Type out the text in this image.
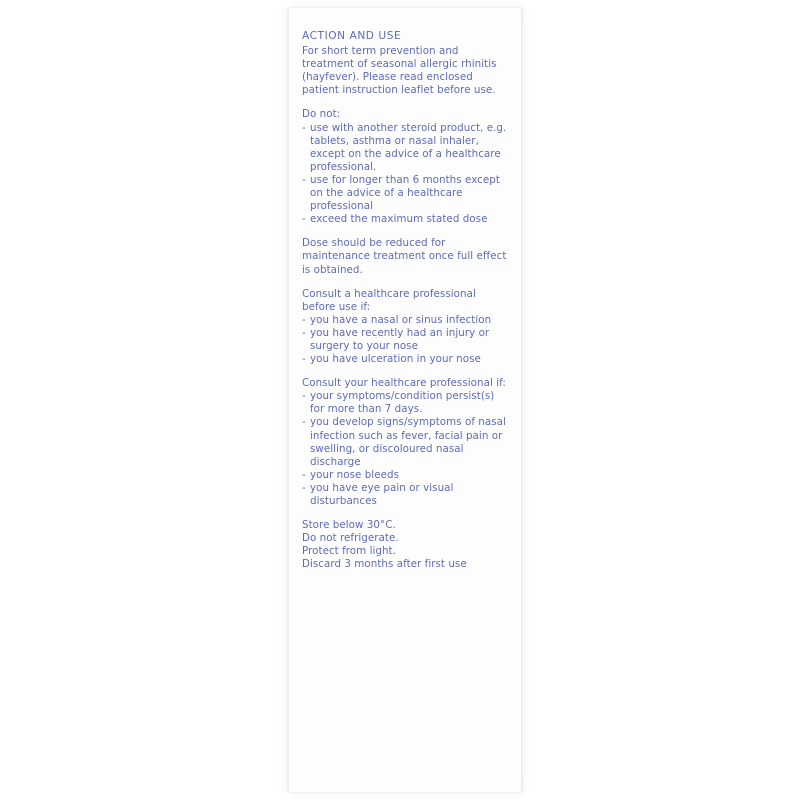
ACTION AND USE

For short term prevention and treatment of seasonal allergic rhinitis (hayfever). Please read enclosed patient instruction leaflet before use.

Do not:
- use with another steroid product, e.g. tablets, asthma or nasal inhaler, except on the advice of a healthcare professional.
- use for longer than 6 months except on the advice of a healthcare professional
- exceed the maximum stated dose

Dose should be reduced for maintenance treatment once full effect is obtained.

Consult a healthcare professional before use if:
- you have a nasal or sinus infection
- you have recently had an injury or surgery to your nose
- you have ulceration in your nose
Consult your healthcare professional if:
- your symptoms/condition persist(s) for more than 7 days.
- you develop signs/symptoms of nasal infection such as fever, facial pain or swelling, or discoloured nasal discharge
- your nose bleeds
- you have eye pain or visual disturbances
Store below 30°C.
Do not refrigerate.
Protect from light.
Discard 3 months after first use
